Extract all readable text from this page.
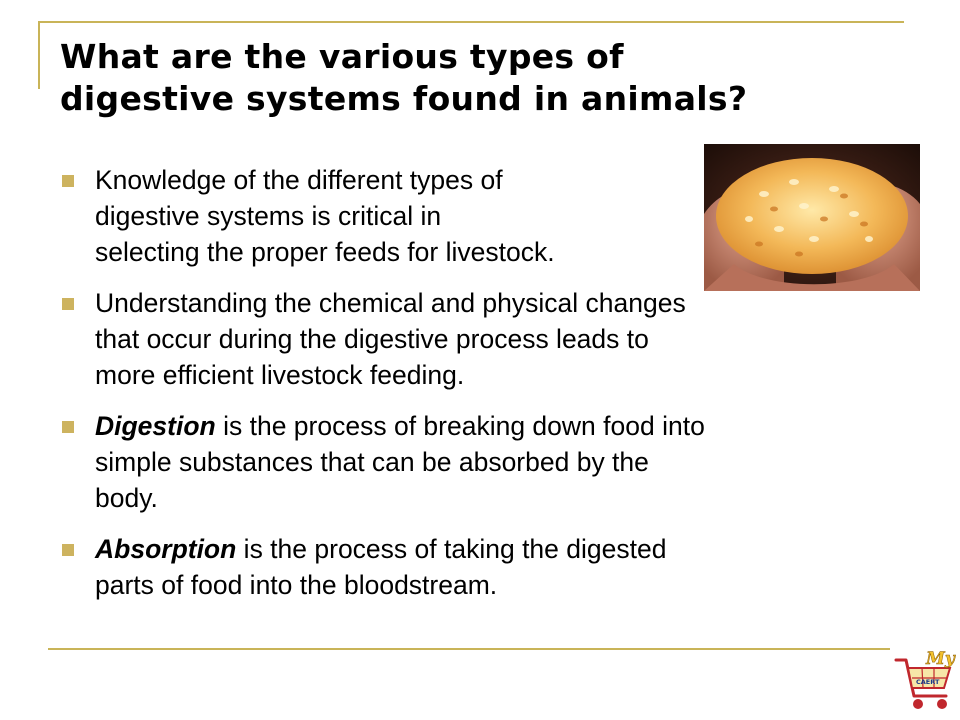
What are the various types of
digestive systems found in animals?
Knowledge of the different types of
digestive systems is critical in
selecting the proper feeds for livestock.
Understanding the chemical and physical changes
that occur during the digestive process leads to
more efficient livestock feeding.
Digestion is the process of breaking down food into
simple substances that can be absorbed by the
body.
Absorption is the process of taking the digested
parts of food into the bloodstream.
My
CAERT
